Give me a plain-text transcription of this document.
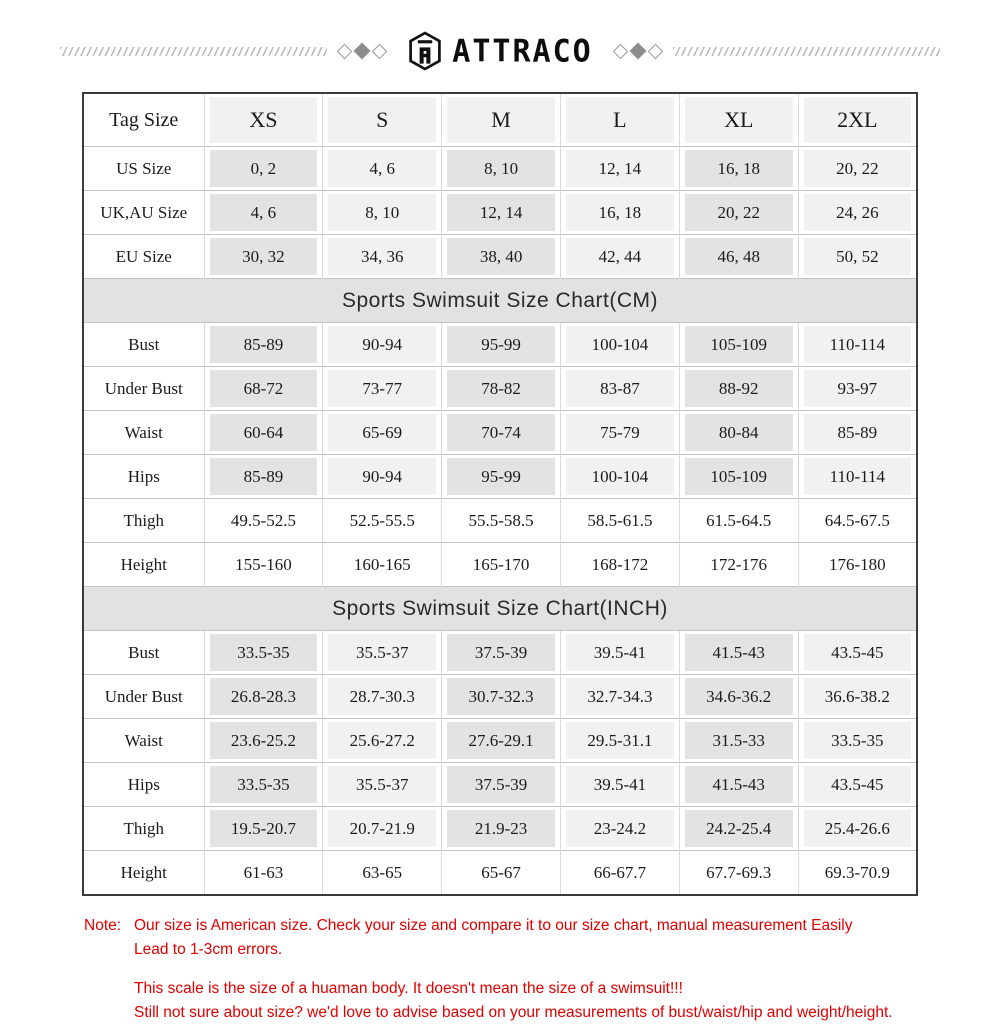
ATTRACO
Tag Size	XS	S	M	L	XL	2XL

US Size	0, 2	4, 6	8, 10	12, 14	16, 18	20, 22

UK,AU Size	4, 6	8, 10	12, 14	16, 18	20, 22	24, 26

EU Size	30, 32	34, 36	38, 40	42, 44	46, 48	50, 52

Sports Swimsuit Size Chart(CM)						
Bust	85-89	90-94	95-99	100-104	105-109	110-114

Under Bust	68-72	73-77	78-82	83-87	88-92	93-97

Waist	60-64	65-69	70-74	75-79	80-84	85-89

Hips	85-89	90-94	95-99	100-104	105-109	110-114

Thigh	49.5-52.5	52.5-55.5	55.5-58.5	58.5-61.5	61.5-64.5	64.5-67.5
Height	155-160	160-165	165-170	168-172	172-176	176-180
Sports Swimsuit Size Chart(INCH)						
Bust	33.5-35	35.5-37	37.5-39	39.5-41	41.5-43	43.5-45

Under Bust	26.8-28.3	28.7-30.3	30.7-32.3	32.7-34.3	34.6-36.2	36.6-38.2

Waist	23.6-25.2	25.6-27.2	27.6-29.1	29.5-31.1	31.5-33	33.5-35

Hips	33.5-35	35.5-37	37.5-39	39.5-41	41.5-43	43.5-45

Thigh	19.5-20.7	20.7-21.9	21.9-23	23-24.2	24.2-25.4	25.4-26.6

Height	61-63	63-65	65-67	66-67.7	67.7-69.3	69.3-70.9
Note: Our size is American size. Check your size and compare it to our size chart, manual measurement Easily
Lead to 1-3cm errors.
This scale is the size of a huaman body. It doesn't mean the size of a swimsuit!!!
Still not sure about size? we'd love to advise based on your measurements of bust/waist/hip and weight/height.
